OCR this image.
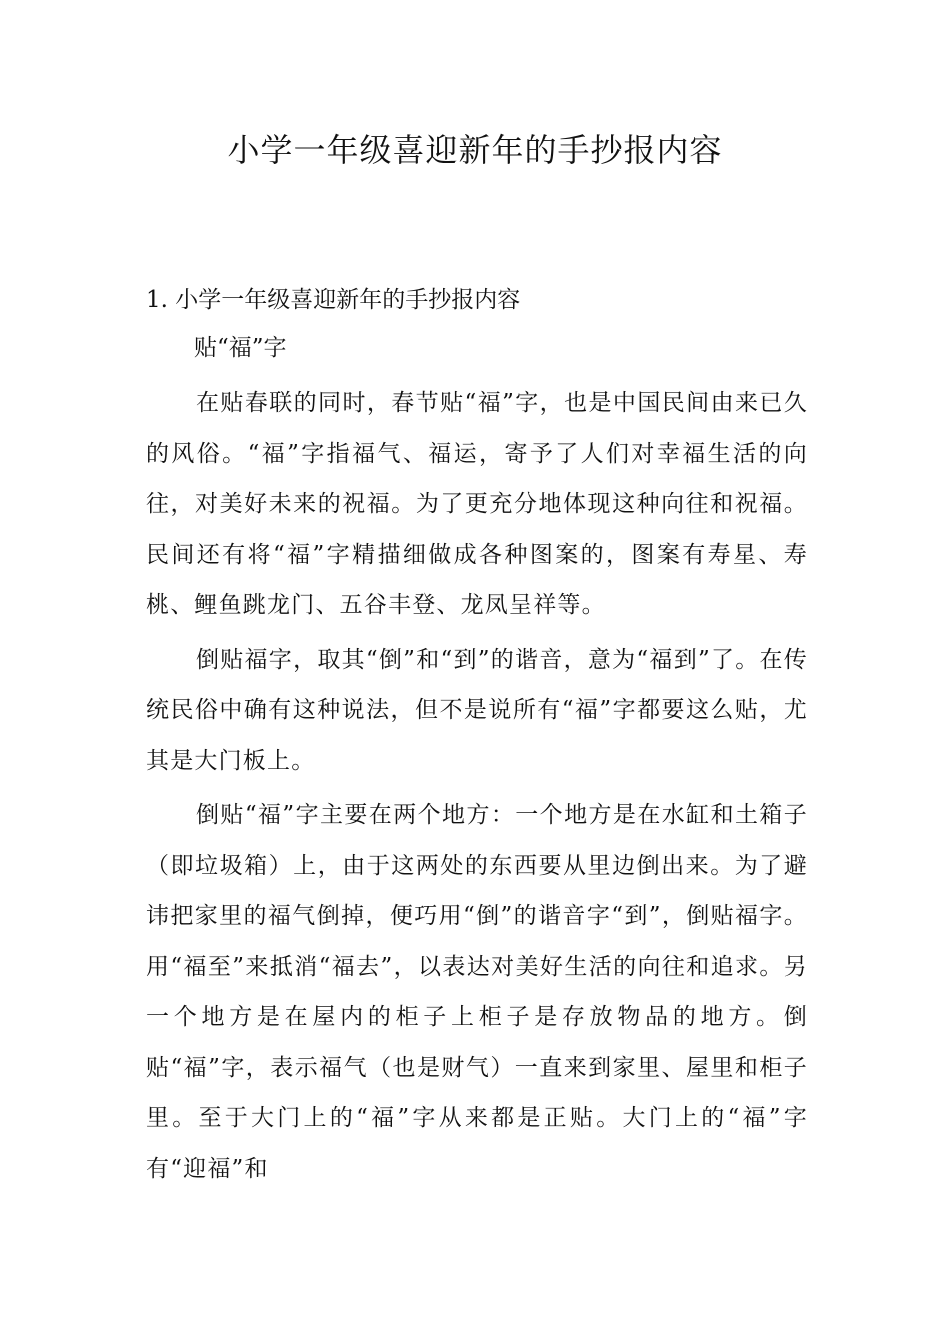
小学一年级喜迎新年的手抄报内容
1. 小学一年级喜迎新年的手抄报内容
贴“福”字

在贴春联的同时，春节贴“福”字，也是中国民间由来已久的风俗。“福”字指福气、福运，寄予了人们对幸福生活的向往，对美好未来的祝福。为了更充分地体现这种向往和祝福。民间还有将“福”字精描细做成各种图案的，图案有寿星、寿桃、鲤鱼跳龙门、五谷丰登、龙凤呈祥等。

倒贴福字，取其“倒”和“到”的谐音，意为“福到”了。在传统民俗中确有这种说法，但不是说所有“福”字都要这么贴，尤其是大门板上。

倒贴“福”字主要在两个地方：一个地方是在水缸和土箱子（即垃圾箱）上，由于这两处的东西要从里边倒出来。为了避讳把家里的福气倒掉，便巧用“倒”的谐音字“到”，倒贴福字。用“福至”来抵消“福去”，以表达对美好生活的向往和追求。另一个地方是在屋内的柜子上柜子是存放物品的地方。倒贴“福”字，表示福气（也是财气）一直来到家里、屋里和柜子里。至于大门上的“福”字从来都是正贴。大门上的“福”字有“迎福”和
